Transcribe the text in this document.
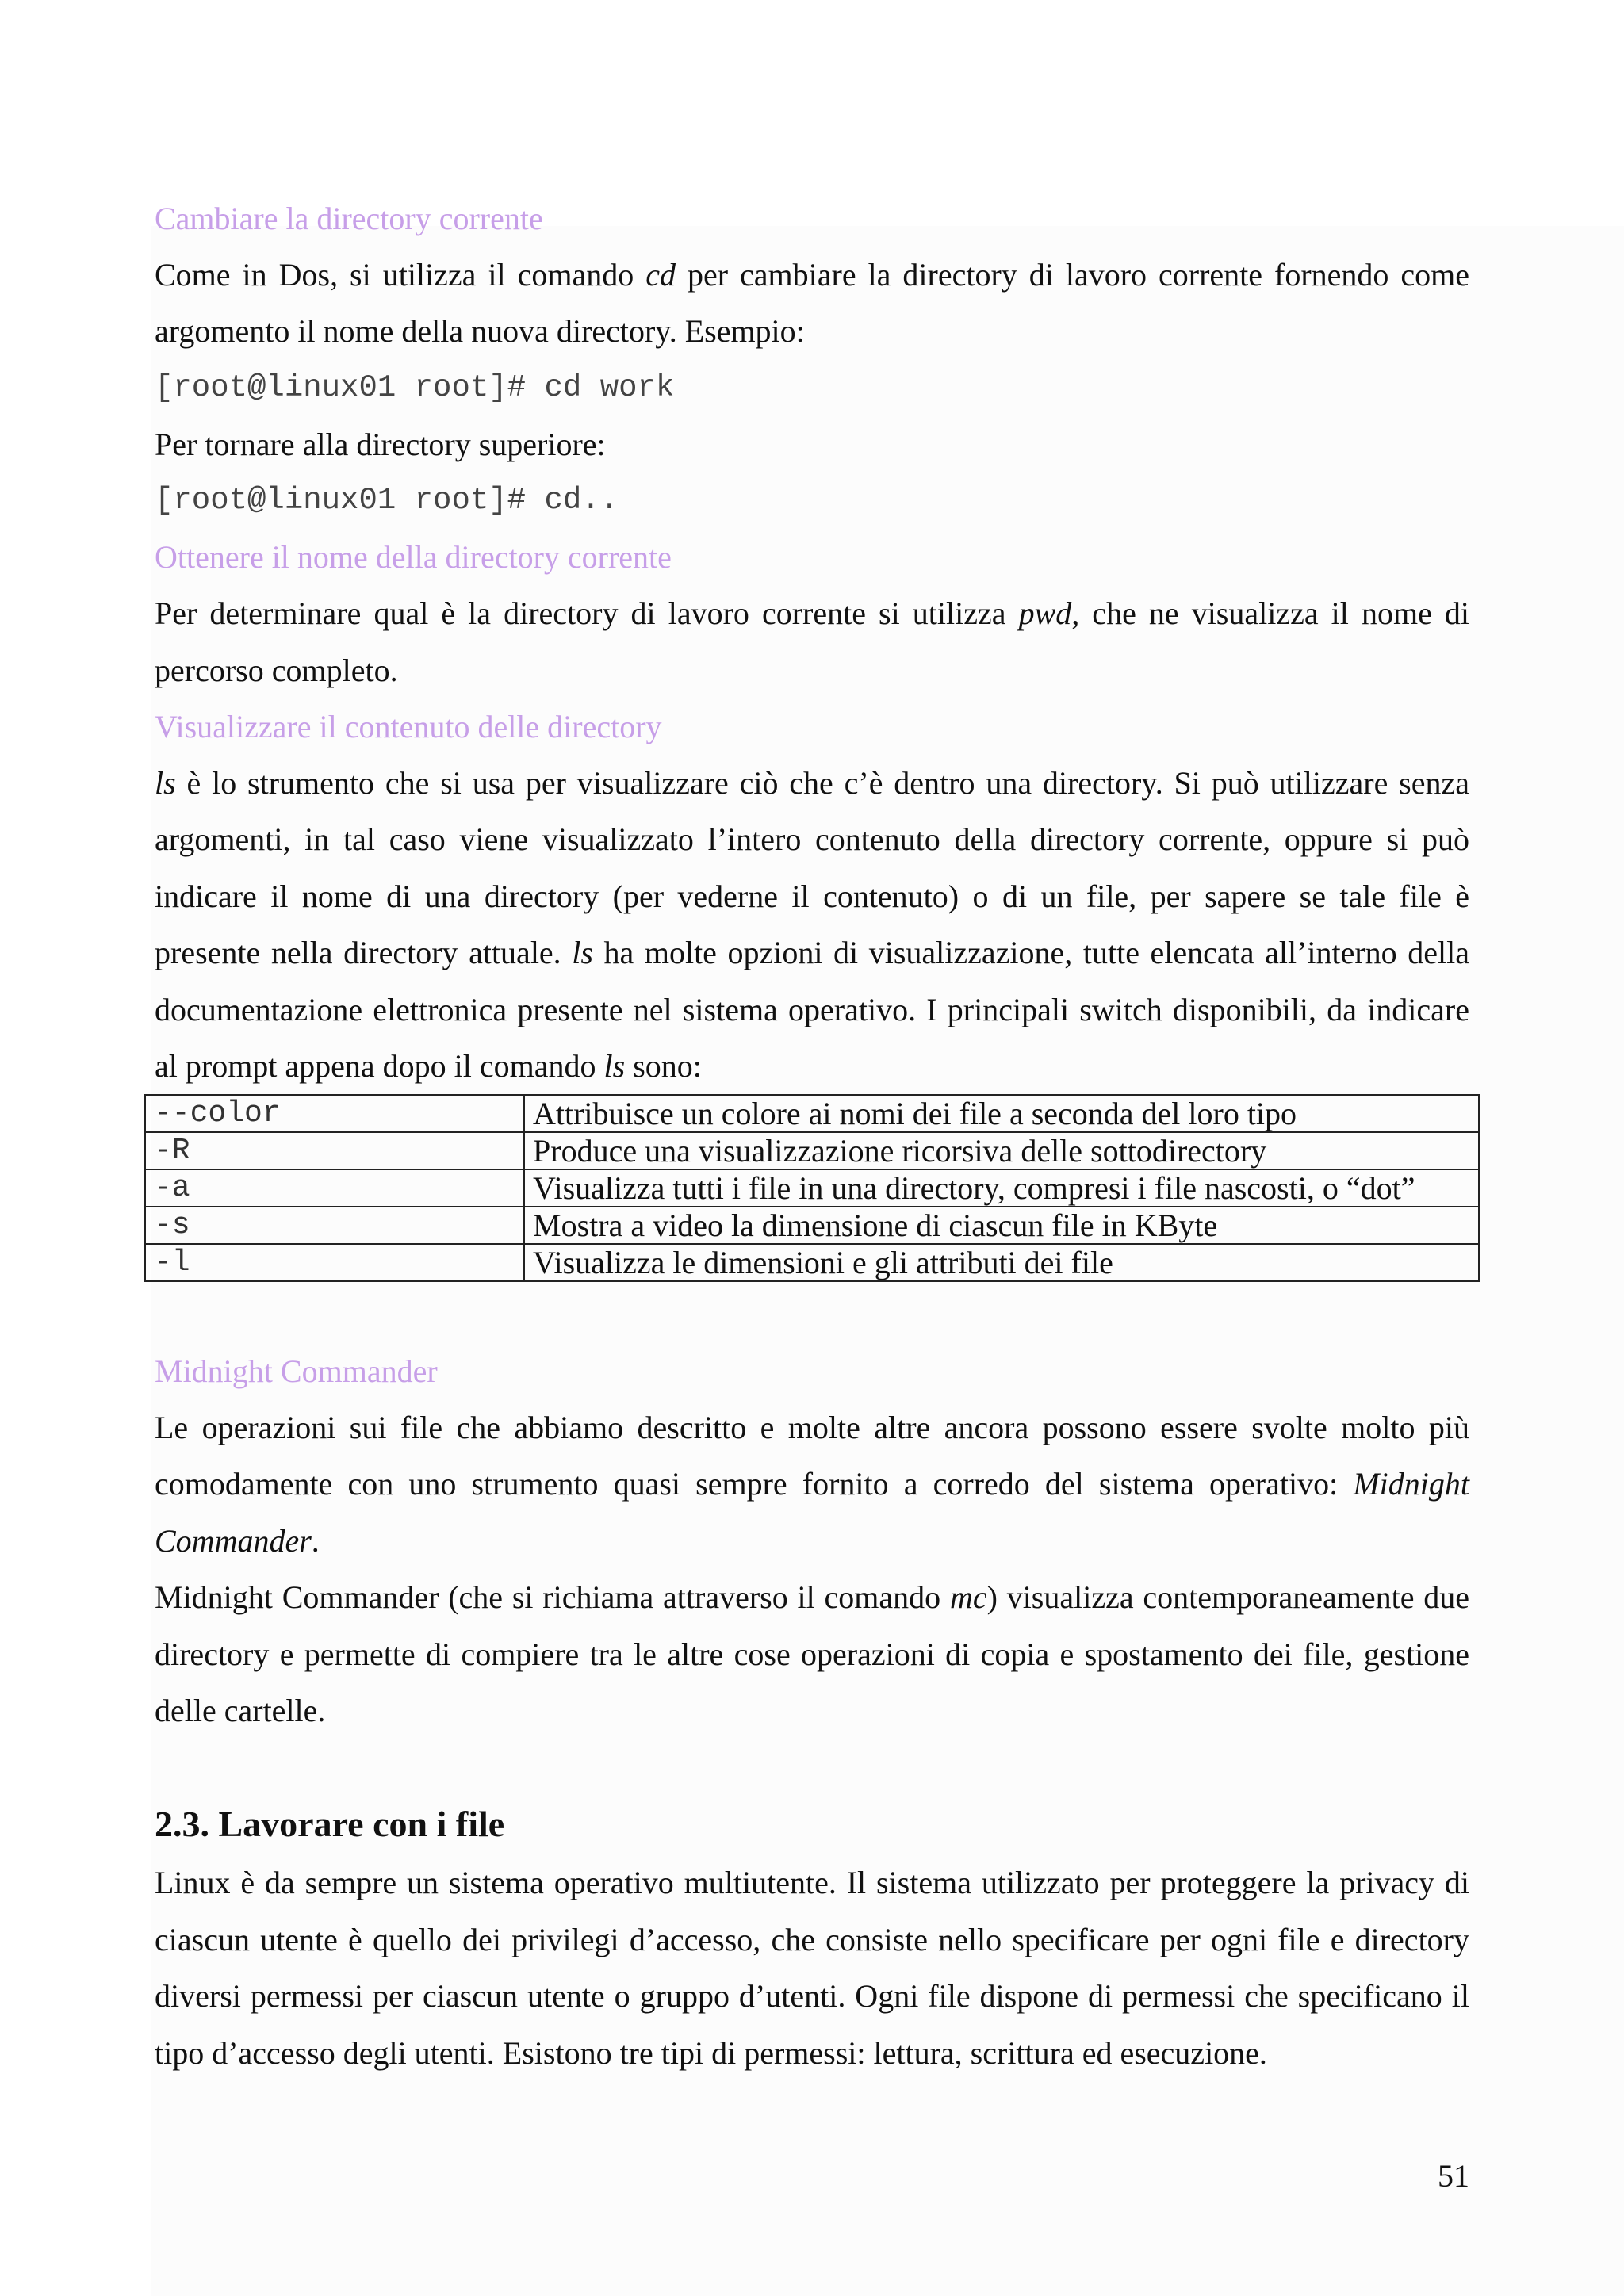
Cambiare la directory corrente

Come in Dos, si utilizza il comando cd per cambiare la directory di lavoro corrente fornendo come argomento il nome della nuova directory. Esempio:

[root@linux01 root]# cd work

Per tornare alla directory superiore:

[root@linux01 root]# cd..

Ottenere il nome della directory corrente

Per determinare qual è la directory di lavoro corrente si utilizza pwd, che ne visualizza il nome di percorso completo.

Visualizzare il contenuto delle directory

ls è lo strumento che si usa per visualizzare ciò che c’è dentro una directory. Si può utilizzare senza argomenti, in tal caso viene visualizzato l’intero contenuto della directory corrente, oppure si può indicare il nome di una directory (per vederne il contenuto) o di un file, per sapere se tale file è presente nella directory attuale. ls ha molte opzioni di visualizzazione, tutte elencata all’interno della documentazione elettronica presente nel sistema operativo. I principali switch disponibili, da indicare al prompt appena dopo il comando ls sono:

--color	Attribuisce un colore ai nomi dei file a seconda del loro tipo
-R	Produce una visualizzazione ricorsiva delle sottodirectory
-a	Visualizza tutti i file in una directory, compresi i file nascosti, o “dot”
-s	Mostra a video la dimensione di ciascun file in KByte
-l	Visualizza le dimensioni e gli attributi dei file

Midnight Commander

Le operazioni sui file che abbiamo descritto e molte altre ancora possono essere svolte molto più comodamente con uno strumento quasi sempre fornito a corredo del sistema operativo: Midnight Commander.

Midnight Commander (che si richiama attraverso il comando mc) visualizza contemporaneamente due directory e permette di compiere tra le altre cose operazioni di copia e spostamento dei file, gestione delle cartelle.

2.3. Lavorare con i file

Linux è da sempre un sistema operativo multiutente. Il sistema utilizzato per proteggere la privacy di ciascun utente è quello dei privilegi d’accesso, che consiste nello specificare per ogni file e directory diversi permessi per ciascun utente o gruppo d’utenti. Ogni file dispone di permessi che specificano il tipo d’accesso degli utenti. Esistono tre tipi di permessi: lettura, scrittura ed esecuzione.

51
